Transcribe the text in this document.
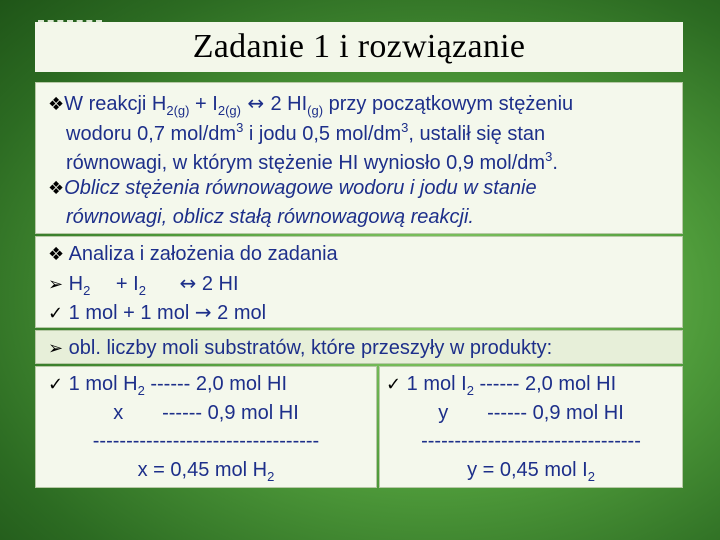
Zadanie 1 i rozwiązanie
❖W reakcji $H_{2(g)} + I_{2(g)}$ ↔ 2 $HI_{(g)}$ przy początkowym stężeniu
wodoru 0,7 mol/$dm^3$ i jodu 0,5 mol/$dm^3$, ustalił się stan
równowagi, w którym stężenie HI wyniosło 0,9 mol/$dm^3$.
❖Oblicz stężenia równowagowe wodoru i jodu w stanie
równowagi, oblicz stałą równowagową reakcji.
❖ Analiza i założenia do zadania
➢ $H_2 + I_2$ ↔ 2 HI
✓ 1 mol + 1 mol → 2 mol
➢ obl. liczby moli substratów, które przeszyły w produkty:
✓ 1 mol $H_2$ ------ 2,0 mol HI
x       ------ 0,9 mol HI
----------------------------------
x = 0,45 mol $H_2$
✓ 1 mol $I_2$ ------ 2,0 mol HI
y       ------ 0,9 mol HI
---------------------------------
y = 0,45 mol $I_2$
